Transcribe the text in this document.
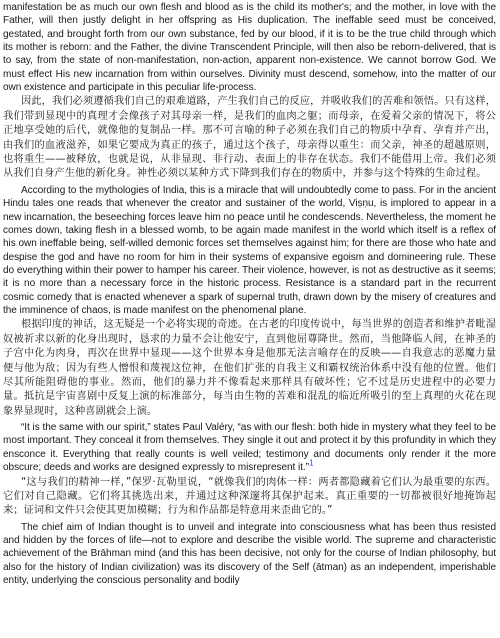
manifestation be as much our own flesh and blood as is the child its mother's; and the mother, in love with the Father, will then justly delight in her offspring as His duplication. The ineffable seed must be conceived, gestated, and brought forth from our own substance, fed by our blood, if it is to be the true child through which its mother is reborn: and the Father, the divine Transcendent Principle, will then also be reborn-delivered, that is to say, from the state of non-manifestation, non-action, apparent non-existence. We cannot borrow God. We must effect His new incarnation from within ourselves. Divinity must descend, somehow, into the matter of our own existence and participate in this peculiar life-process.

因此，我们必须遵循我们自己的艰难道路，产生我们自己的反应，并吸收我们的苦难和领悟。只有这样，我们带到显现中的真理才会像孩子对其母亲一样，是我们的血肉之躯；而母亲，在爱着父亲的情况下，将公正地享受她的后代，就像他的复制品一样。那不可言喻的种子必须在我们自己的物质中孕育、孕育并产出，由我们的血液滋养，如果它要成为真正的孩子，通过这个孩子，母亲得以重生：而父亲，神圣的超越原则，也将重生——被释放，也就是说，从非显现、非行动、表面上的非存在状态。我们不能借用上帝。我们必须从我们自身产生他的新化身。神性必须以某种方式下降到我们存在的物质中，并参与这个特殊的生命过程。

According to the mythologies of India, this is a miracle that will undoubtedly come to pass. For in the ancient Hindu tales one reads that whenever the creator and sustainer of the world, Viṣṇu, is implored to appear in a new incarnation, the beseeching forces leave him no peace until he condescends. Nevertheless, the moment he comes down, taking flesh in a blessed womb, to be again made manifest in the world which itself is a reflex of his own ineffable being, self-willed demonic forces set themselves against him; for there are those who hate and despise the god and have no room for him in their systems of expansive egoism and domineering rule. These do everything within their power to hamper his career. Their violence, however, is not as destructive as it seems; it is no more than a necessary force in the historic process. Resistance is a standard part in the recurrent cosmic comedy that is enacted whenever a spark of supernal truth, drawn down by the misery of creatures and the imminence of chaos, is made manifest on the phenomenal plane.

根据印度的神话，这无疑是一个必将实现的奇迹。在古老的印度传说中，每当世界的创造者和维护者毗湿奴被祈求以新的化身出现时，恳求的力量不会让他安宁，直到他屈尊降世。然而，当他降临人间，在神圣的子宫中化为肉身，再次在世界中显现——这个世界本身是他那无法言喻存在的反映——自我意志的恶魔力量便与他为敌；因为有些人憎恨和蔑视这位神，在他们扩张的自我主义和霸权统治体系中没有他的位置。他们尽其所能阻碍他的事业。然而，他们的暴力并不像看起来那样具有破坏性；它不过是历史进程中的必要力量。抵抗是宇宙喜剧中反复上演的标准部分，每当由生物的苦难和混乱的临近所吸引的至上真理的火花在现象界显现时，这种喜剧就会上演。

“It is the same with our spirit,” states Paul Valéry, “as with our flesh: both hide in mystery what they feel to be most important. They conceal it from themselves. They single it out and protect it by this profundity in which they ensconce it. Everything that really counts is well veiled; testimony and documents only render it the more obscure; deeds and works are designed expressly to misrepresent it.”$^1$

“这与我们的精神一样，”保罗·瓦勒里说，“就像我们的肉体一样：两者都隐藏着它们认为最重要的东西。它们对自己隐藏。它们将其挑选出来，并通过这种深邃将其保护起来。真正重要的一切都被很好地掩饰起来；证词和文件只会使其更加模糊；行为和作品都是特意用来歪曲它的。”

The chief aim of Indian thought is to unveil and integrate into consciousness what has been thus resisted and hidden by the forces of life—not to explore and describe the visible world. The supreme and characteristic achievement of the Brāhman mind (and this has been decisive, not only for the course of Indian philosophy, but also for the history of Indian civilization) was its discovery of the Self (ātman) as an independent, imperishable entity, underlying the conscious personality and bodily
